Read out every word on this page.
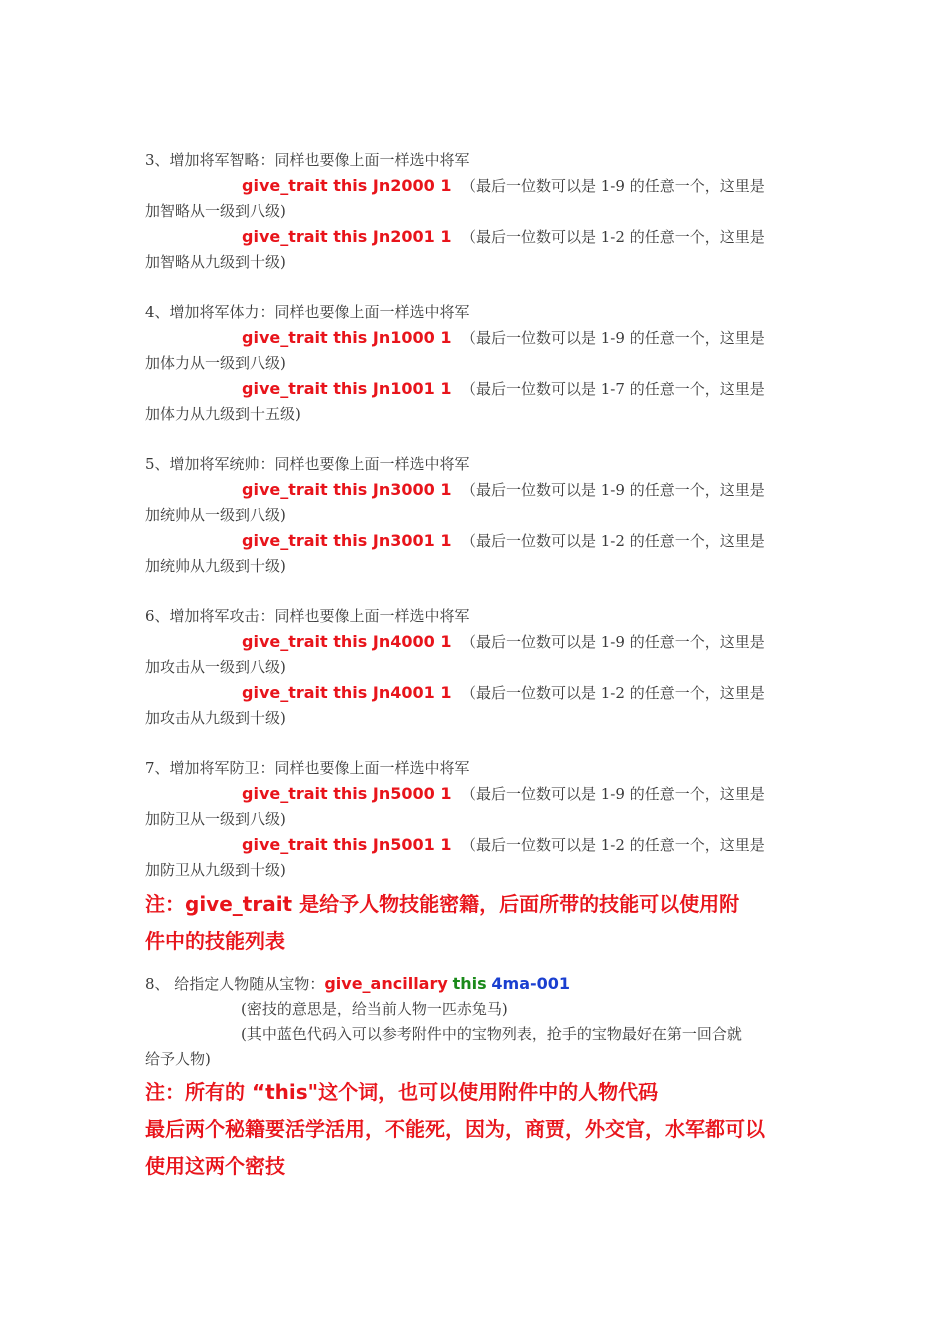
3、增加将军智略：同样也要像上面一样选中将军
give_trait this Jn2000 1 （最后一位数可以是 1-9 的任意一个，这里是
加智略从一级到八级)
give_trait this Jn2001 1 （最后一位数可以是 1-2 的任意一个，这里是
加智略从九级到十级)
4、增加将军体力：同样也要像上面一样选中将军
give_trait this Jn1000 1 （最后一位数可以是 1-9 的任意一个，这里是
加体力从一级到八级)
give_trait this Jn1001 1 （最后一位数可以是 1-7 的任意一个，这里是
加体力从九级到十五级)
5、增加将军统帅：同样也要像上面一样选中将军
give_trait this Jn3000 1 （最后一位数可以是 1-9 的任意一个，这里是
加统帅从一级到八级)
give_trait this Jn3001 1 （最后一位数可以是 1-2 的任意一个，这里是
加统帅从九级到十级)
6、增加将军攻击：同样也要像上面一样选中将军
give_trait this Jn4000 1 （最后一位数可以是 1-9 的任意一个，这里是
加攻击从一级到八级)
give_trait this Jn4001 1 （最后一位数可以是 1-2 的任意一个，这里是
加攻击从九级到十级)
7、增加将军防卫：同样也要像上面一样选中将军
give_trait this Jn5000 1 （最后一位数可以是 1-9 的任意一个，这里是
加防卫从一级到八级)
give_trait this Jn5001 1 （最后一位数可以是 1-2 的任意一个，这里是
加防卫从九级到十级)
注：give_trait 是给予人物技能密籍，后面所带的技能可以使用附
件中的技能列表
8、 给指定人物随从宝物：give_ancillary this 4ma-001
(密技的意思是，给当前人物一匹赤兔马)
(其中蓝色代码入可以参考附件中的宝物列表，抢手的宝物最好在第一回合就
给予人物)
注：所有的 “this"这个词，也可以使用附件中的人物代码
最后两个秘籍要活学活用，不能死，因为，商贾，外交官，水军都可以
使用这两个密技
